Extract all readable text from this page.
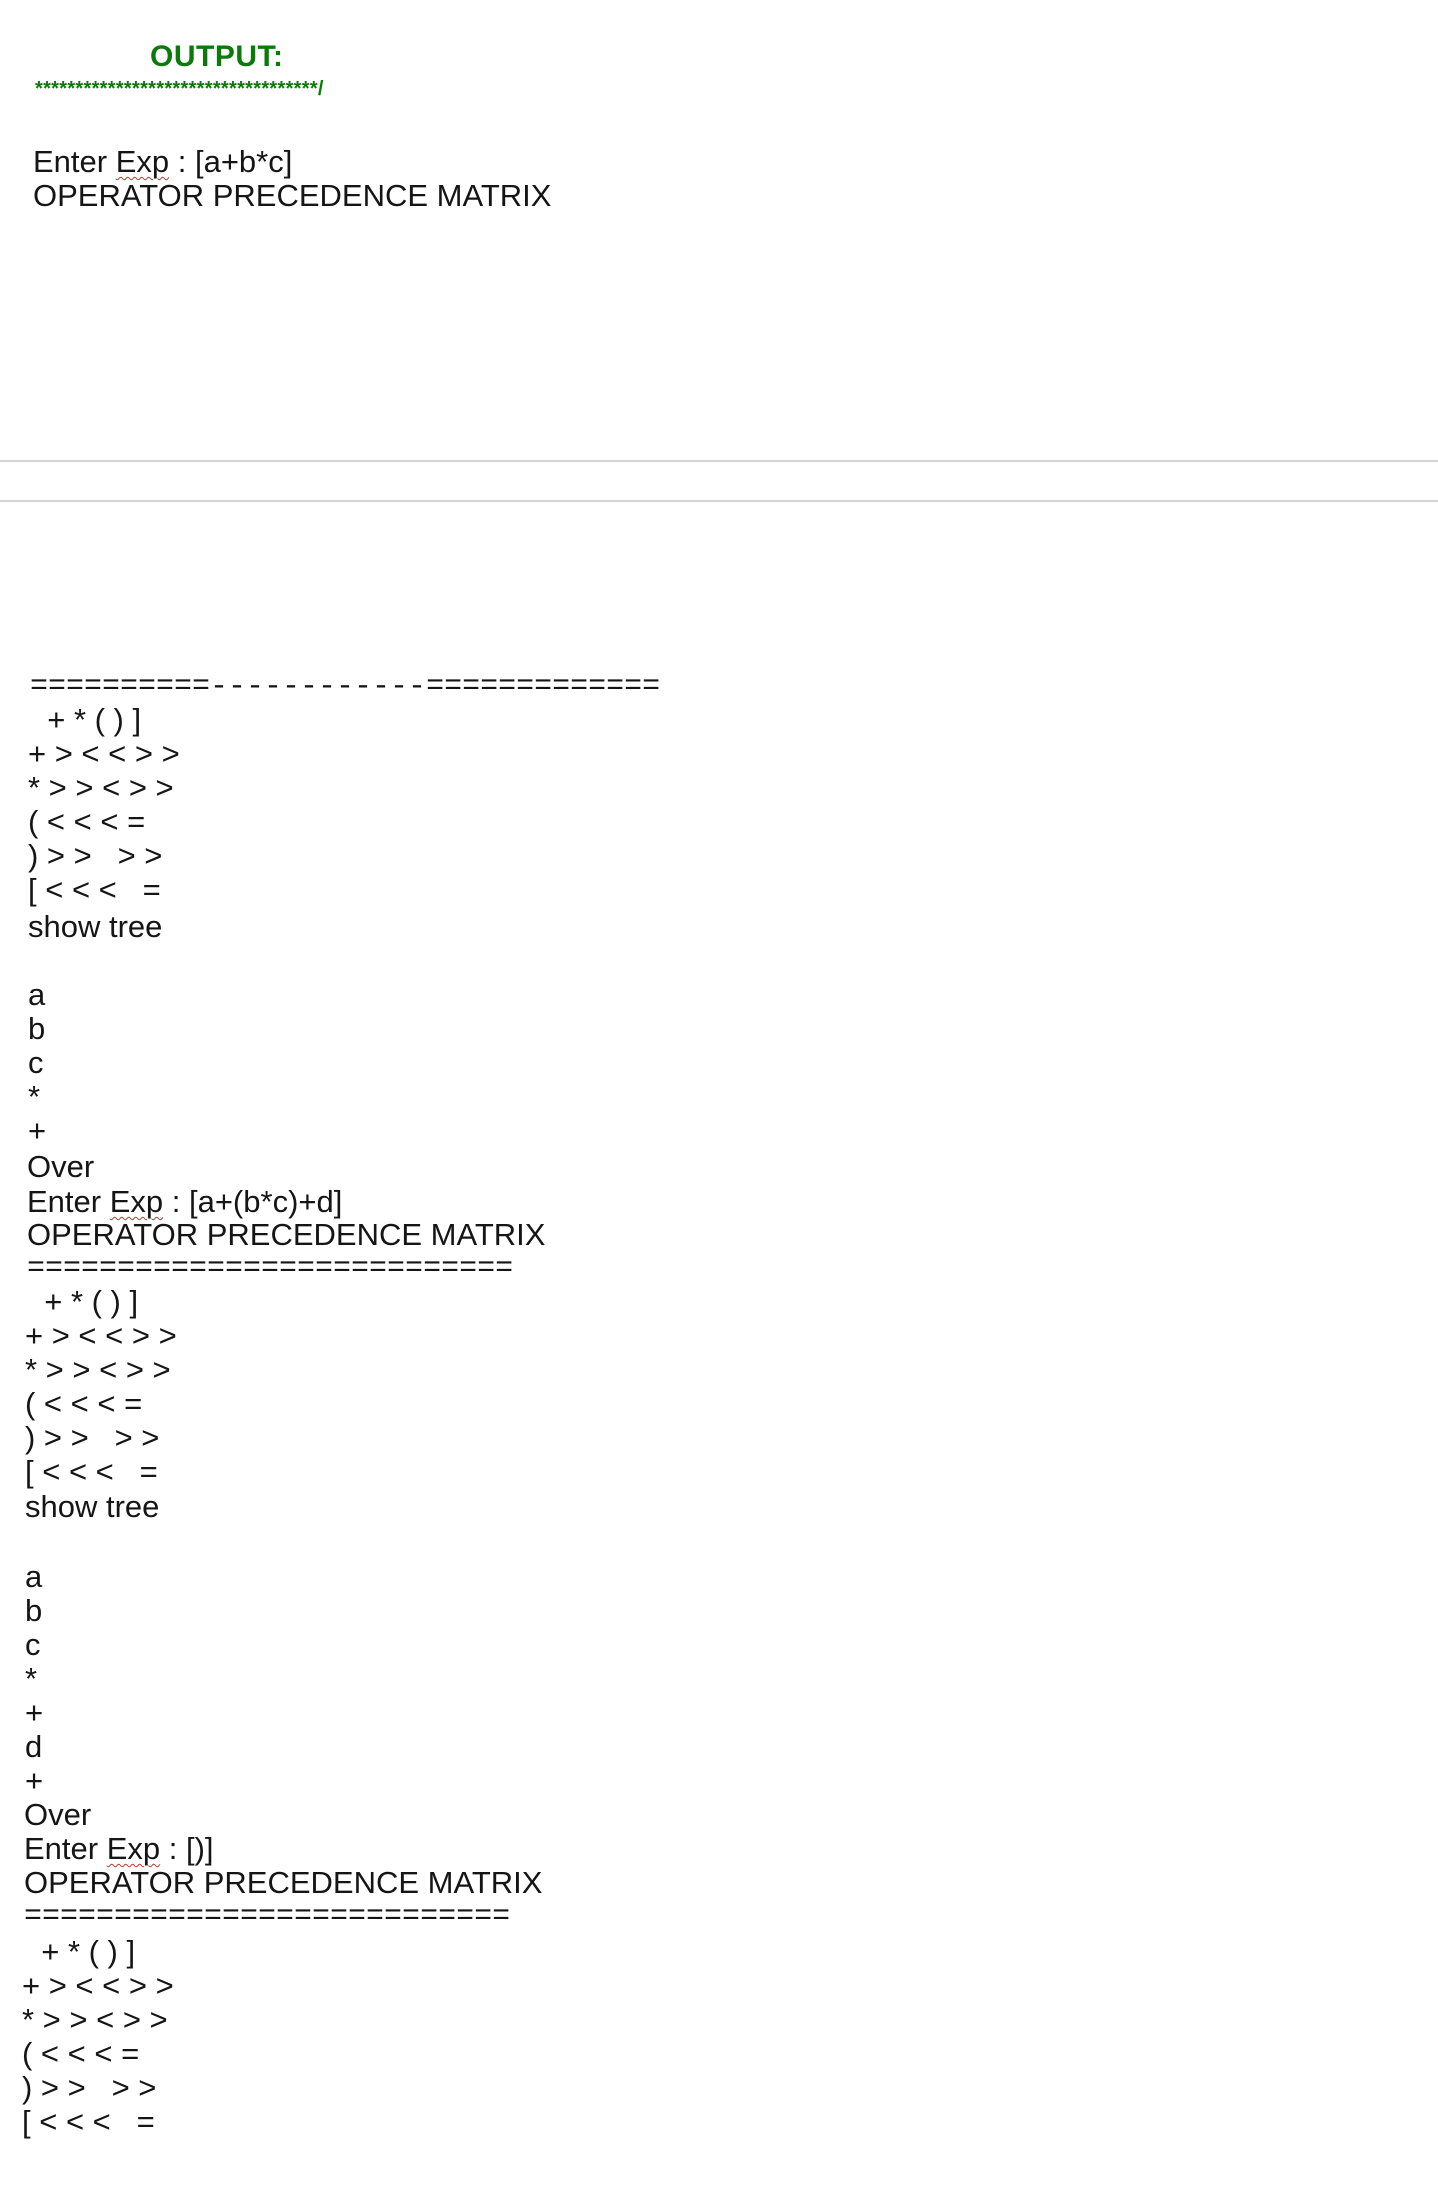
OUTPUT:
***********************************/
Enter Exp : [a+b*c]
OPERATOR PRECEDENCE MATRIX
==========------------=============
+ * ( ) ]
+ > < < > >
* > > < > >
( < < < =
) > >   > >
[ < < <   =
show tree
a
b
c
*
+
Over
Enter Exp : [a+(b*c)+d]
OPERATOR PRECEDENCE MATRIX
===========================
+ * ( ) ]
+ > < < > >
* > > < > >
( < < < =
) > >   > >
[ < < <   =
show tree
a
b
c
*
+
d
+
Over
Enter Exp : [)]
OPERATOR PRECEDENCE MATRIX
===========================
+ * ( ) ]
+ > < < > >
* > > < > >
( < < < =
) > >   > >
[ < < <   =
